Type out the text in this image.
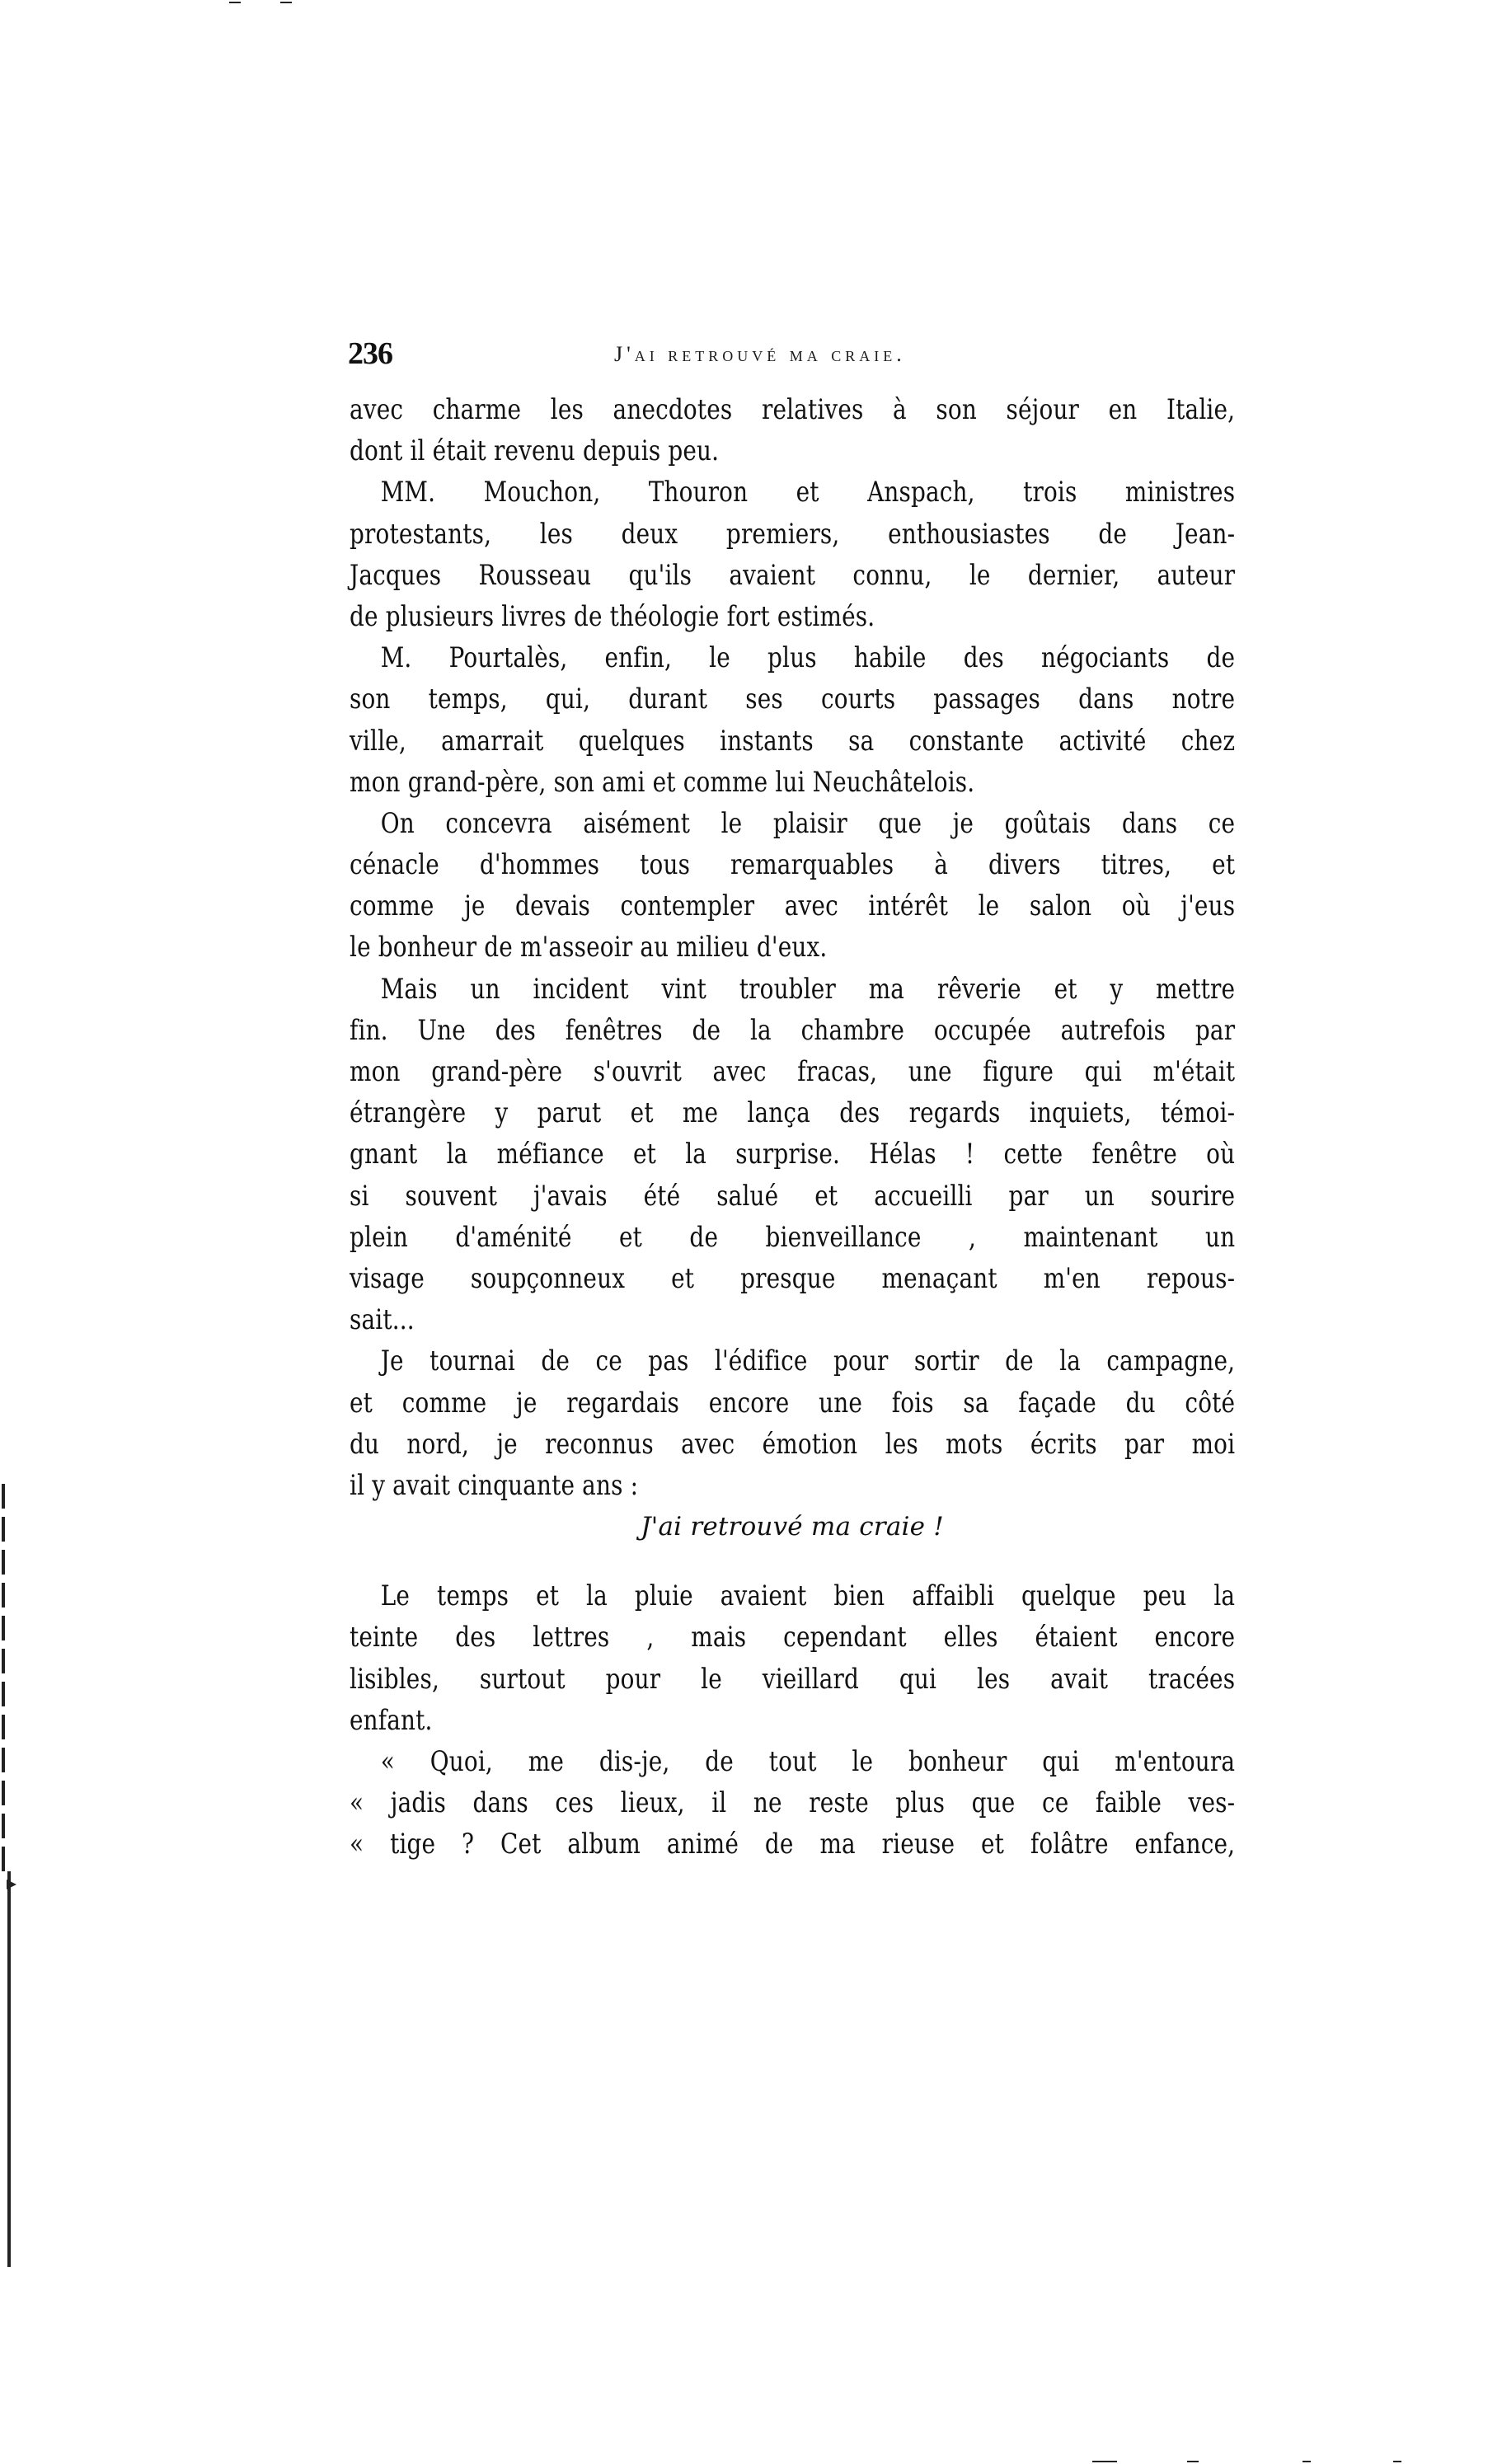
236	J'ai retrouvé ma craie.
avec charme les anecdotes relatives à son séjour en Italie,
dont il était revenu depuis peu.
MM. Mouchon, Thouron et Anspach, trois ministres
protestants, les deux premiers, enthousiastes de Jean-
Jacques Rousseau qu'ils avaient connu, le dernier, auteur
de plusieurs livres de théologie fort estimés.
M. Pourtalès, enfin, le plus habile des négociants de
son temps, qui, durant ses courts passages dans notre
ville, amarrait quelques instants sa constante activité chez
mon grand-père, son ami et comme lui Neuchâtelois.
On concevra aisément le plaisir que je goûtais dans ce
cénacle d'hommes tous remarquables à divers titres, et
comme je devais contempler avec intérêt le salon où j'eus
le bonheur de m'asseoir au milieu d'eux.
Mais un incident vint troubler ma rêverie et y mettre
fin. Une des fenêtres de la chambre occupée autrefois par
mon grand-père s'ouvrit avec fracas, une figure qui m'était
étrangère y parut et me lança des regards inquiets, témoi-
gnant la méfiance et la surprise. Hélas ! cette fenêtre où
si souvent j'avais été salué et accueilli par un sourire
plein d'aménité et de bienveillance , maintenant un
visage soupçonneux et presque menaçant m'en repous-
sait...
Je tournai de ce pas l'édifice pour sortir de la campagne,
et comme je regardais encore une fois sa façade du côté
du nord, je reconnus avec émotion les mots écrits par moi
il y avait cinquante ans :
J'ai retrouvé ma craie !
Le temps et la pluie avaient bien affaibli quelque peu la
teinte des lettres , mais cependant elles étaient encore
lisibles, surtout pour le vieillard qui les avait tracées
enfant.
« Quoi, me dis-je, de tout le bonheur qui m'entoura
« jadis dans ces lieux, il ne reste plus que ce faible ves-
« tige ? Cet album animé de ma rieuse et folâtre enfance,
